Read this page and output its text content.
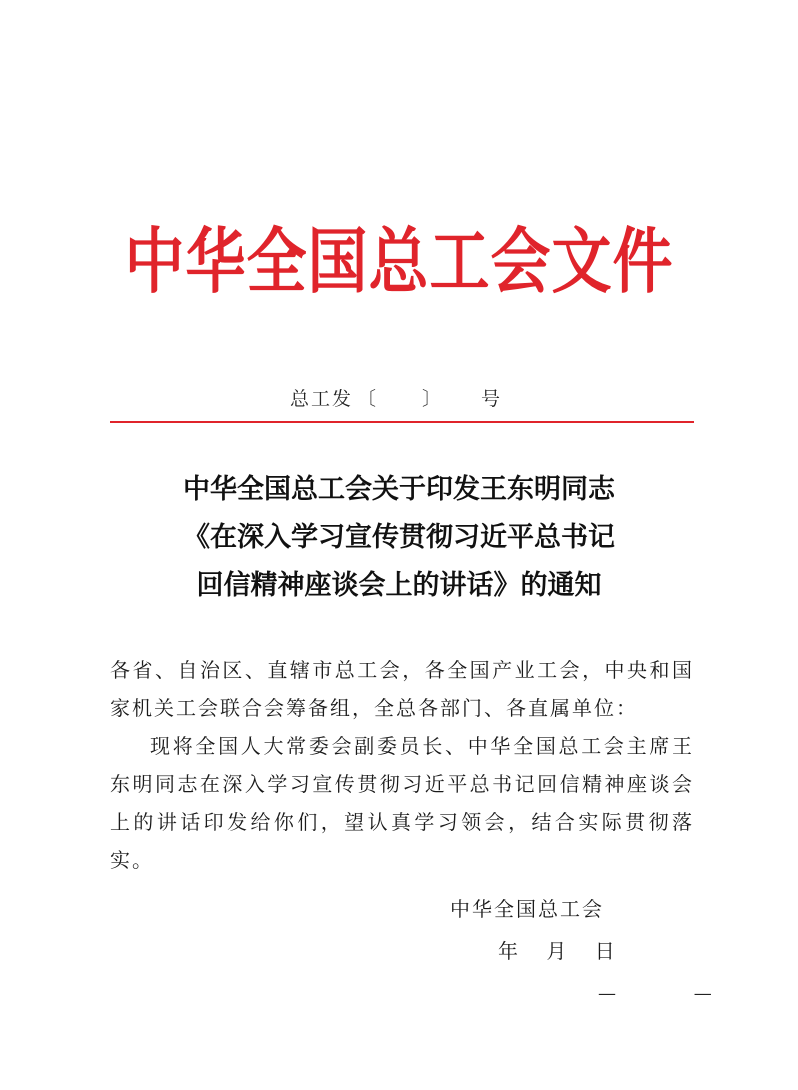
中华全国总工会文件
总工发 〔 〕 号
中华全国总工会关于印发王东明同志
《在深入学习宣传贯彻习近平总书记
回信精神座谈会上的讲话》的通知

各省、自治区、直辖市总工会，各全国产业工会，中央和国家机关工会联合会筹备组，全总各部门、各直属单位：

现将全国人大常委会副委员长、中华全国总工会主席王东明同志在深入学习宣传贯彻习近平总书记回信精神座谈会上的讲话印发给你们，望认真学习领会，结合实际贯彻落实。

中华全国总工会
年 月 日
— —
